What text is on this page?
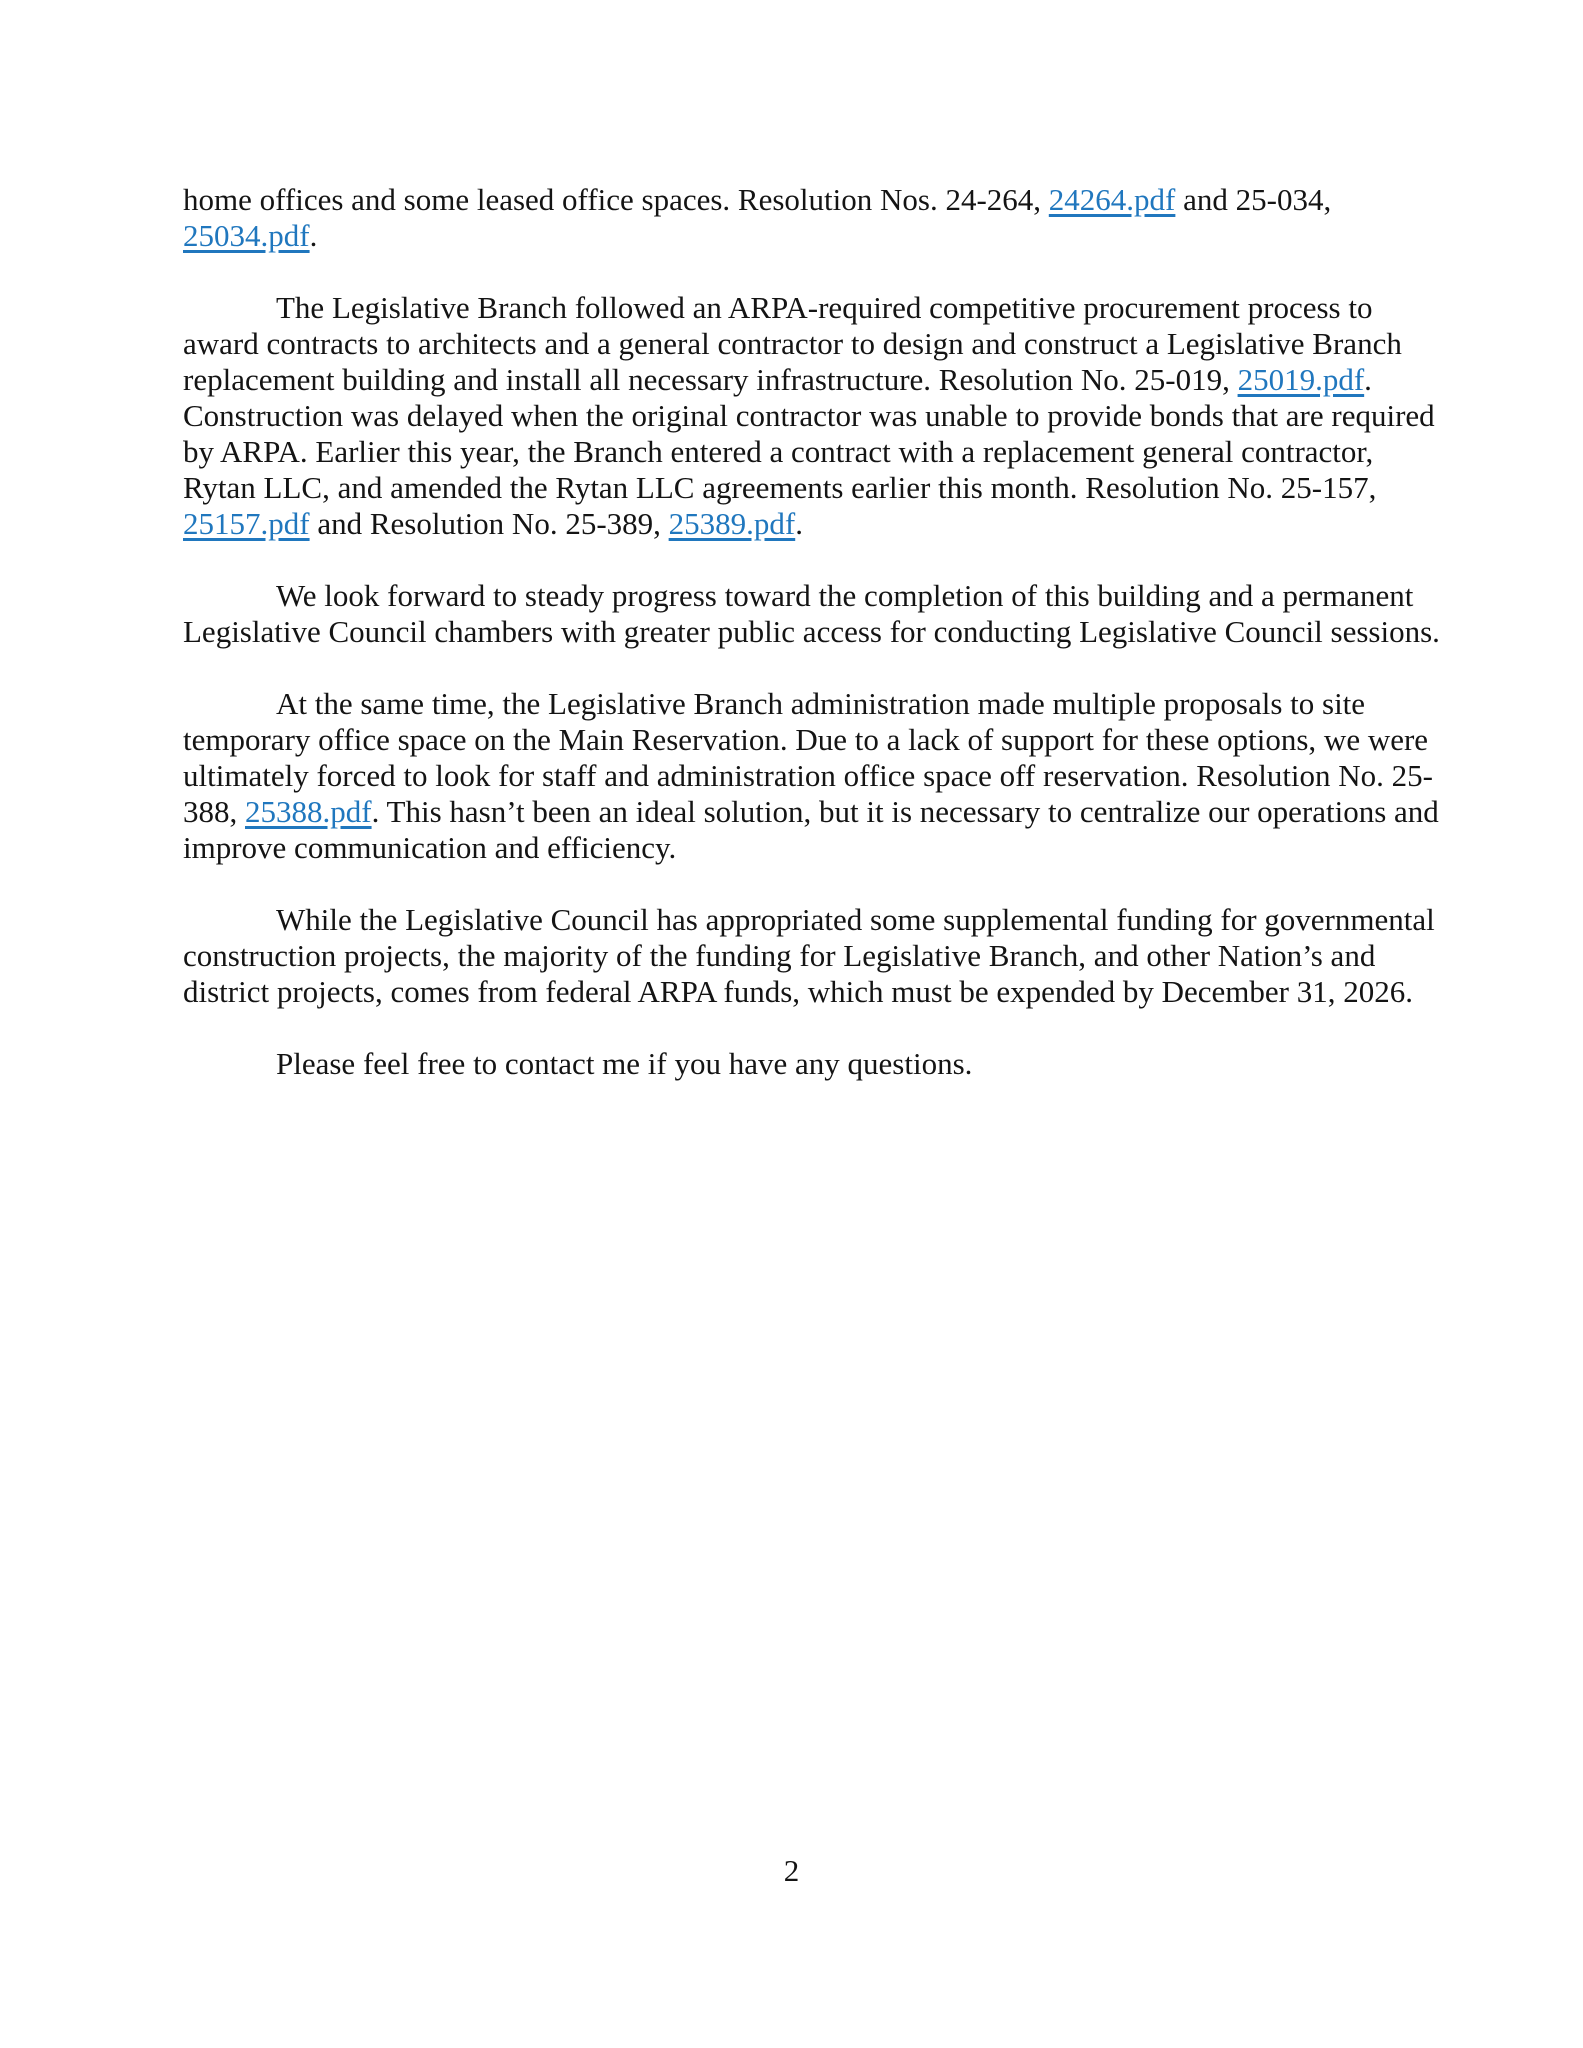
home offices and some leased office spaces. Resolution Nos. 24-264, 24264.pdf and 25-034, 25034.pdf.

The Legislative Branch followed an ARPA-required competitive procurement process to award contracts to architects and a general contractor to design and construct a Legislative Branch replacement building and install all necessary infrastructure. Resolution No. 25-019, 25019.pdf. Construction was delayed when the original contractor was unable to provide bonds that are required by ARPA. Earlier this year, the Branch entered a contract with a replacement general contractor, Rytan LLC, and amended the Rytan LLC agreements earlier this month. Resolution No. 25-157, 25157.pdf and Resolution No. 25-389, 25389.pdf.

We look forward to steady progress toward the completion of this building and a permanent Legislative Council chambers with greater public access for conducting Legislative Council sessions.

At the same time, the Legislative Branch administration made multiple proposals to site temporary office space on the Main Reservation. Due to a lack of support for these options, we were ultimately forced to look for staff and administration office space off reservation. Resolution No. 25-388, 25388.pdf. This hasn’t been an ideal solution, but it is necessary to centralize our operations and improve communication and efficiency.

While the Legislative Council has appropriated some supplemental funding for governmental construction projects, the majority of the funding for Legislative Branch, and other Nation’s and district projects, comes from federal ARPA funds, which must be expended by December 31, 2026.

Please feel free to contact me if you have any questions.

2
